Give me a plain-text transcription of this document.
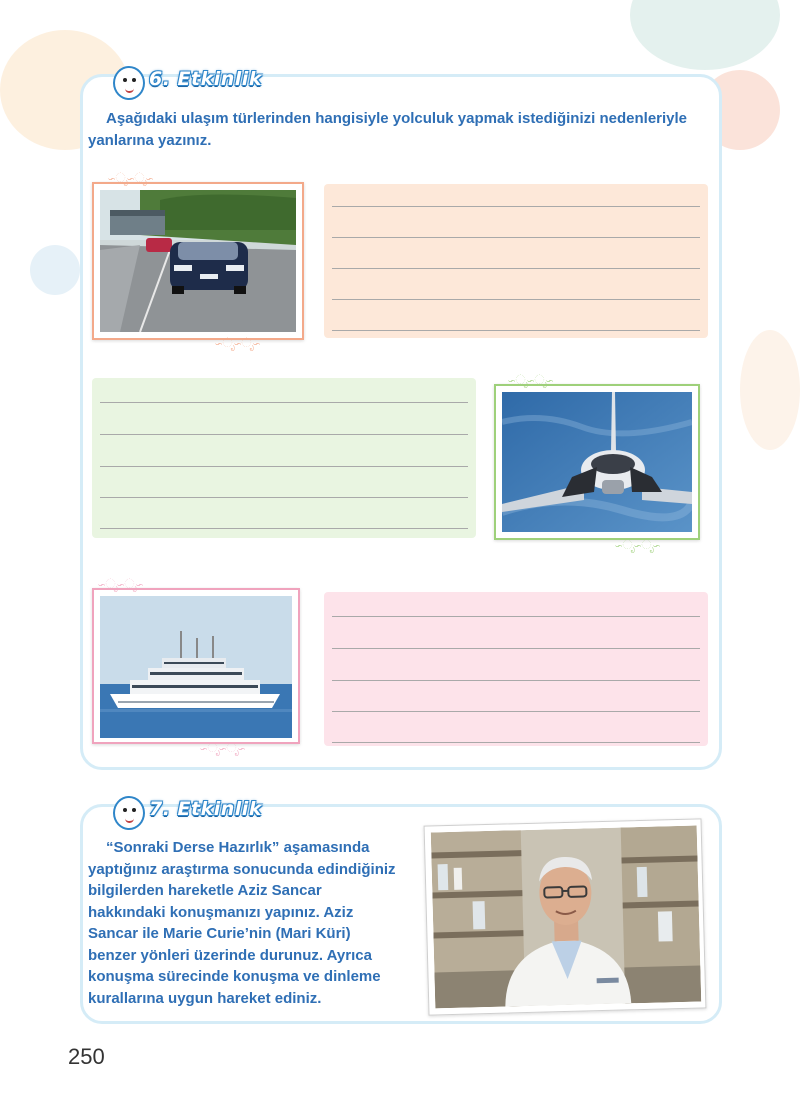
6. Etkinlik
Aşağıdaki ulaşım türlerinden hangisiyle yolculuk yapmak istediğinizi nedenleriyle yanlarına yazınız.
∽ೃ∽ೃ∽
∽ೃ∽ೃ∽
∽ೃ∽ೃ∽
∽ೃ∽ೃ∽
∽ೃ∽ೃ∽
∽ೃ∽ೃ∽
7. Etkinlik
“Sonraki Derse Hazırlık” aşamasında yaptığınız araştırma sonucunda edindiğiniz bilgilerden hareketle Aziz Sancar hakkındaki konuşmanızı yapınız. Aziz Sancar ile Marie Curie’nin (Mari Küri) benzer yönleri üzerinde durunuz. Ayrıca konuşma sürecinde konuşma ve dinleme kurallarına uygun hareket ediniz.
250
